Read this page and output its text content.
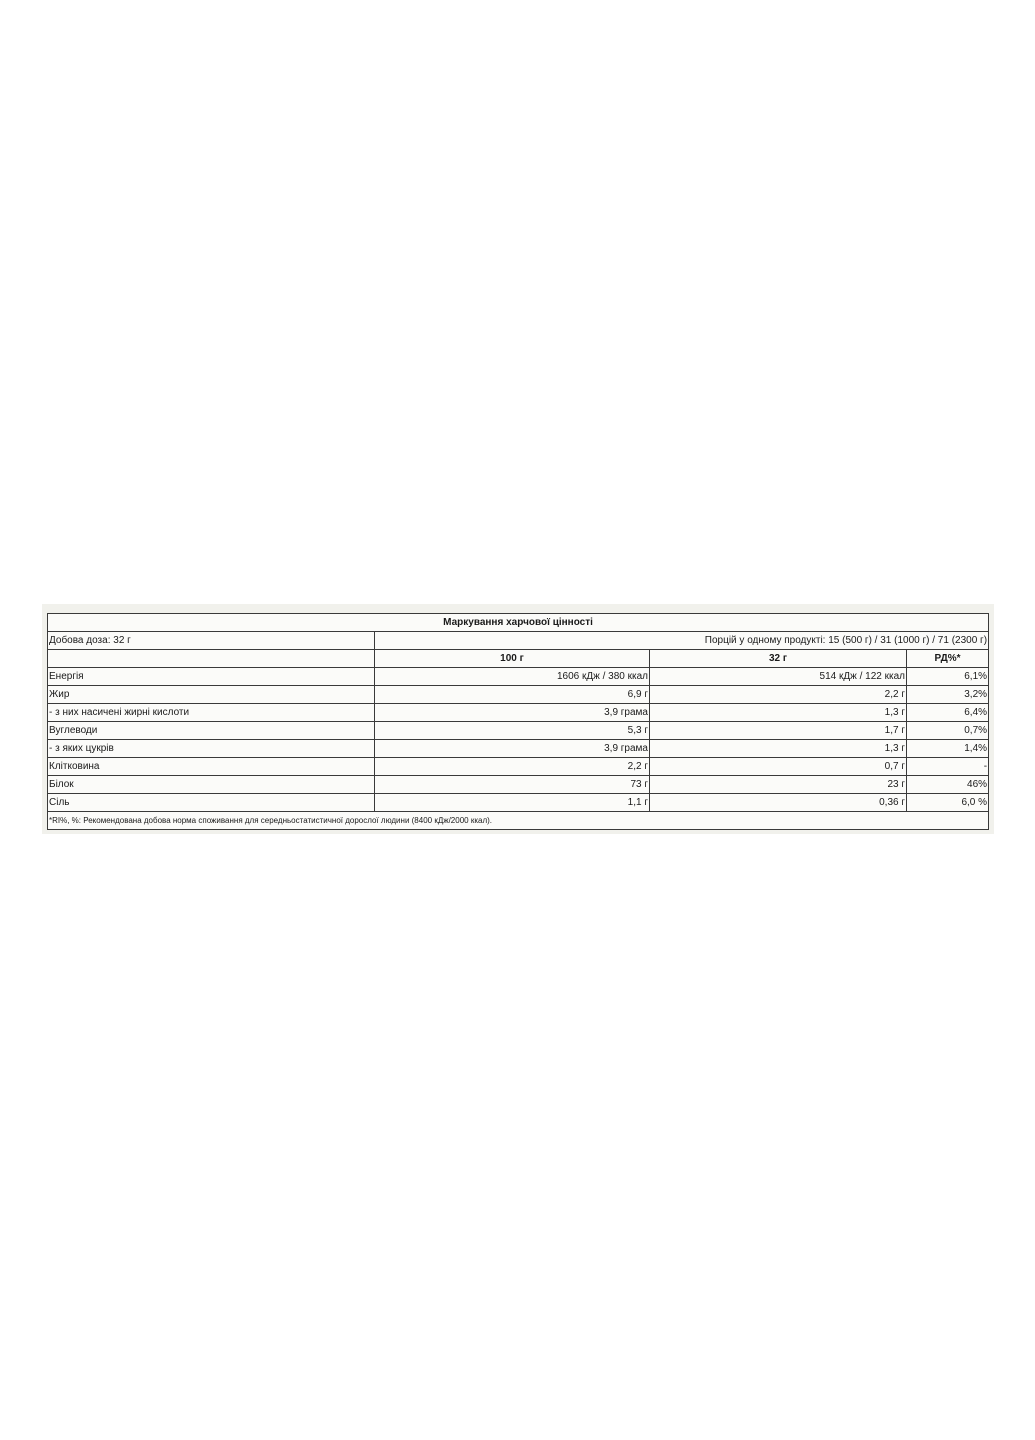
Маркування харчової цінності			
Добова доза: 32 г	Порцій у одному продукті: 15 (500 г) / 31 (1000 г) / 71 (2300 г)		
	100 г	32 г	РД%*
Енергія	1606 кДж / 380 ккал	514 кДж / 122 ккал	6,1%
Жир	6,9 г	2,2 г	3,2%
- з них насичені жирні кислоти	3,9 грама	1,3 г	6,4%
Вуглеводи	5,3 г	1,7 г	0,7%
- з яких цукрів	3,9 грама	1,3 г	1,4%
Клітковина	2,2 г	0,7 г	-
Білок	73 г	23 г	46%
Сіль	1,1 г	0,36 г	6,0 %
*RI%, %: Рекомендована добова норма споживання для середньостатистичної дорослої людини (8400 кДж/2000 ккал).			
